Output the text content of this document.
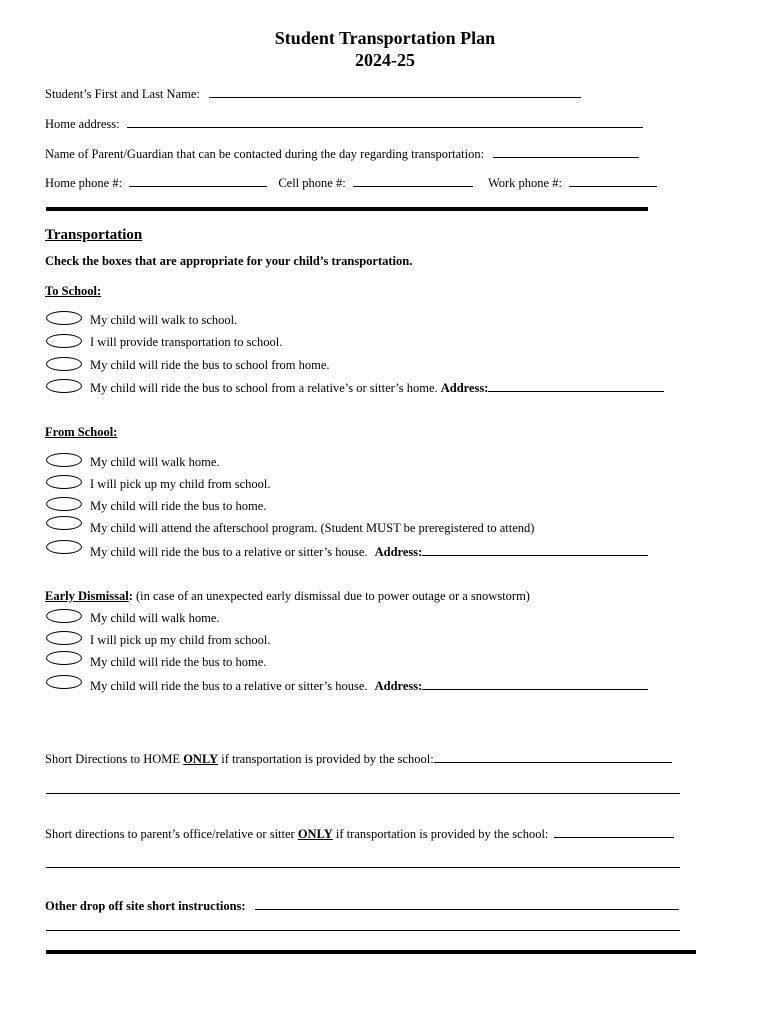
Student Transportation Plan
2024-25
Student’s First and Last Name:
Home address:
Name of Parent/Guardian that can be contacted during the day regarding transportation:
Home phone #:	Cell phone #:	Work phone #:
Transportation
Check the boxes that are appropriate for your child’s transportation.
To School:
My child will walk to school.
I will provide transportation to school.
My child will ride the bus to school from home.
My child will ride the bus to school from a relative’s or sitter’s home. Address:
From School:
My child will walk home.
I will pick up my child from school.
My child will ride the bus to home.
My child will attend the afterschool program. (Student MUST be preregistered to attend)
My child will ride the bus to a relative or sitter’s house. Address:
Early Dismissal: (in case of an unexpected early dismissal due to power outage or a snowstorm)
My child will walk home.
I will pick up my child from school.
My child will ride the bus to home.
My child will ride the bus to a relative or sitter’s house. Address:
Short Directions to HOME ONLY if transportation is provided by the school:
Short directions to parent’s office/relative or sitter ONLY if transportation is provided by the school:
Other drop off site short instructions:
